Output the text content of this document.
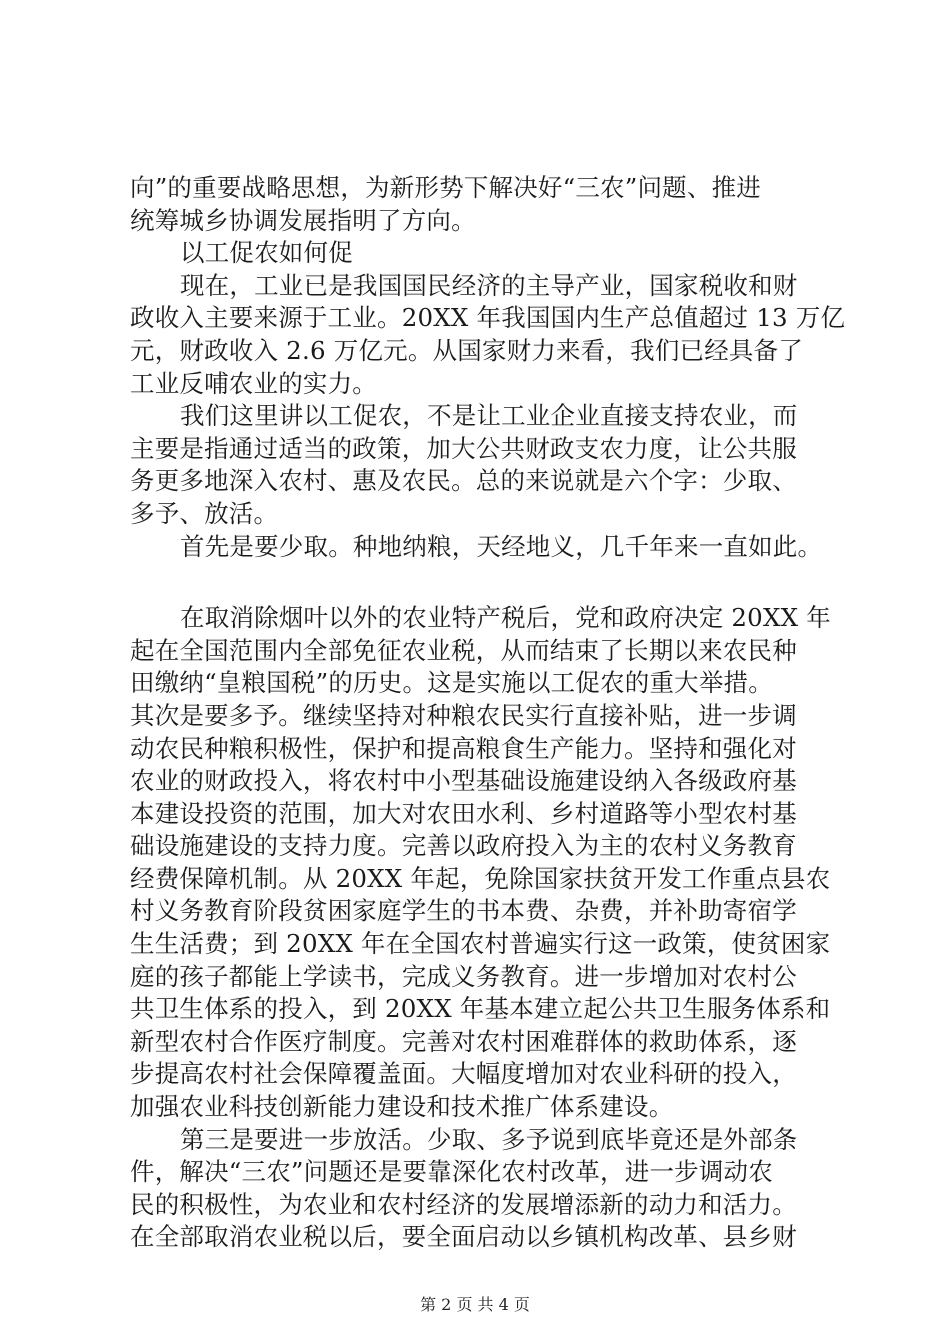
向”的重要战略思想，为新形势下解决好“三农”问题、推进
统筹城乡协调发展指明了方向。
以工促农如何促
现在，工业已是我国国民经济的主导产业，国家税收和财
政收入主要来源于工业。20XX 年我国国内生产总值超过 13 万亿
元，财政收入 2.6 万亿元。从国家财力来看，我们已经具备了
工业反哺农业的实力。
我们这里讲以工促农，不是让工业企业直接支持农业，而
主要是指通过适当的政策，加大公共财政支农力度，让公共服
务更多地深入农村、惠及农民。总的来说就是六个字：少取、
多予、放活。
首先是要少取。种地纳粮，天经地义，几千年来一直如此。
在取消除烟叶以外的农业特产税后，党和政府决定 20XX 年
起在全国范围内全部免征农业税，从而结束了长期以来农民种
田缴纳“皇粮国税”的历史。这是实施以工促农的重大举措。
其次是要多予。继续坚持对种粮农民实行直接补贴，进一步调
动农民种粮积极性，保护和提高粮食生产能力。坚持和强化对
农业的财政投入，将农村中小型基础设施建设纳入各级政府基
本建设投资的范围，加大对农田水利、乡村道路等小型农村基
础设施建设的支持力度。完善以政府投入为主的农村义务教育
经费保障机制。从 20XX 年起，免除国家扶贫开发工作重点县农
村义务教育阶段贫困家庭学生的书本费、杂费，并补助寄宿学
生生活费；到 20XX 年在全国农村普遍实行这一政策，使贫困家
庭的孩子都能上学读书，完成义务教育。进一步增加对农村公
共卫生体系的投入，到 20XX 年基本建立起公共卫生服务体系和
新型农村合作医疗制度。完善对农村困难群体的救助体系，逐
步提高农村社会保障覆盖面。大幅度增加对农业科研的投入，
加强农业科技创新能力建设和技术推广体系建设。
第三是要进一步放活。少取、多予说到底毕竟还是外部条
件，解决“三农”问题还是要靠深化农村改革，进一步调动农
民的积极性，为农业和农村经济的发展增添新的动力和活力。
在全部取消农业税以后，要全面启动以乡镇机构改革、县乡财
第 2 页 共 4 页
